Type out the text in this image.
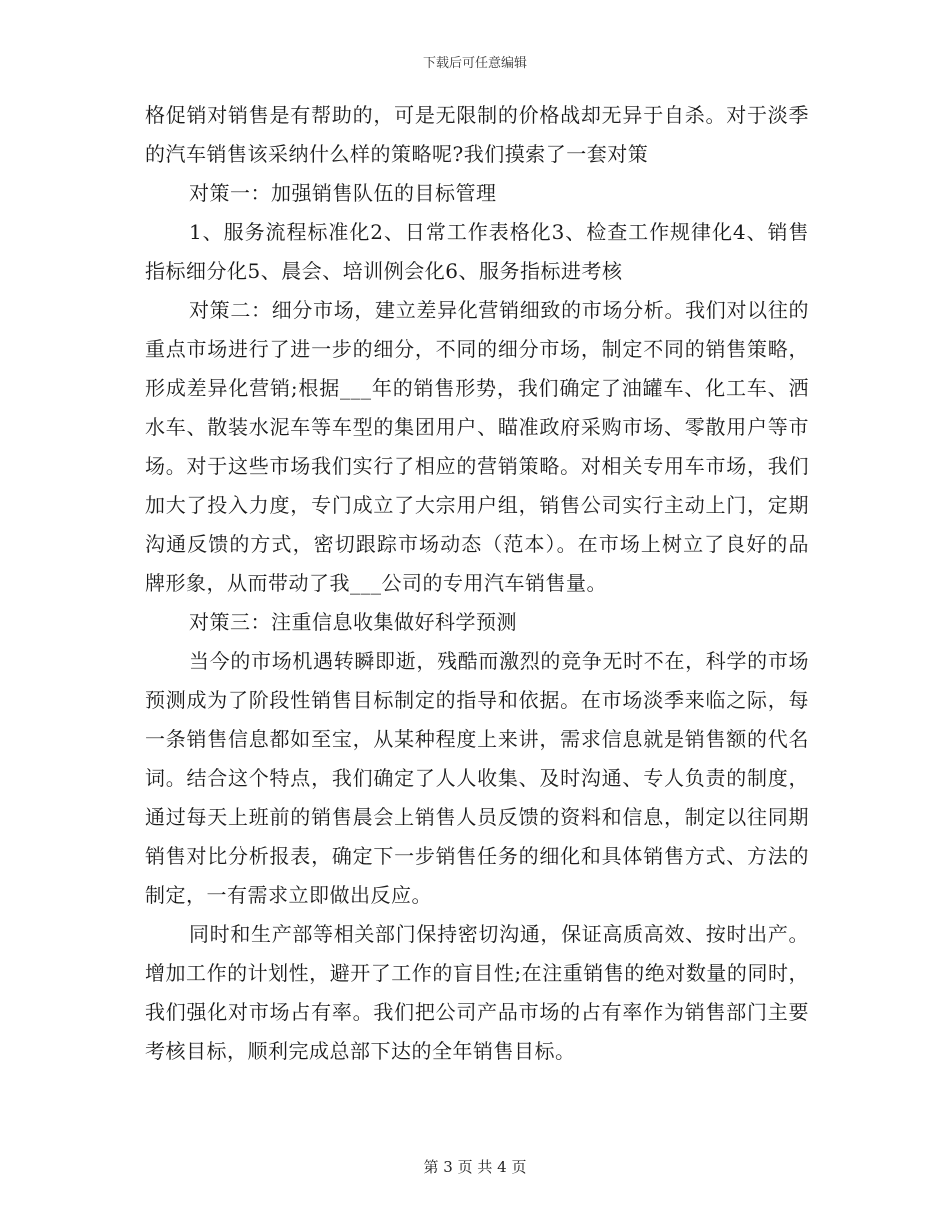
下载后可任意编辑

格促销对销售是有帮助的，可是无限制的价格战却无异于自杀。对于淡季的汽车销售该采纳什么样的策略呢?我们摸索了一套对策

对策一：加强销售队伍的目标管理

1、服务流程标准化2、日常工作表格化3、检查工作规律化4、销售指标细分化5、晨会、培训例会化6、服务指标进考核

对策二：细分市场，建立差异化营销细致的市场分析。我们对以往的重点市场进行了进一步的细分，不同的细分市场，制定不同的销售策略，形成差异化营销;根据___年的销售形势，我们确定了油罐车、化工车、洒水车、散装水泥车等车型的集团用户、瞄准政府采购市场、零散用户等市场。对于这些市场我们实行了相应的营销策略。对相关专用车市场，我们加大了投入力度，专门成立了大宗用户组，销售公司实行主动上门，定期沟通反馈的方式，密切跟踪市场动态（范本）。在市场上树立了良好的品牌形象，从而带动了我___公司的专用汽车销售量。

对策三：注重信息收集做好科学预测

当今的市场机遇转瞬即逝，残酷而激烈的竞争无时不在，科学的市场预测成为了阶段性销售目标制定的指导和依据。在市场淡季来临之际，每一条销售信息都如至宝，从某种程度上来讲，需求信息就是销售额的代名词。结合这个特点，我们确定了人人收集、及时沟通、专人负责的制度，通过每天上班前的销售晨会上销售人员反馈的资料和信息，制定以往同期销售对比分析报表，确定下一步销售任务的细化和具体销售方式、方法的制定，一有需求立即做出反应。

同时和生产部等相关部门保持密切沟通，保证高质高效、按时出产。增加工作的计划性，避开了工作的盲目性;在注重销售的绝对数量的同时，我们强化对市场占有率。我们把公司产品市场的占有率作为销售部门主要考核目标，顺利完成总部下达的全年销售目标。

第 3 页 共 4 页
